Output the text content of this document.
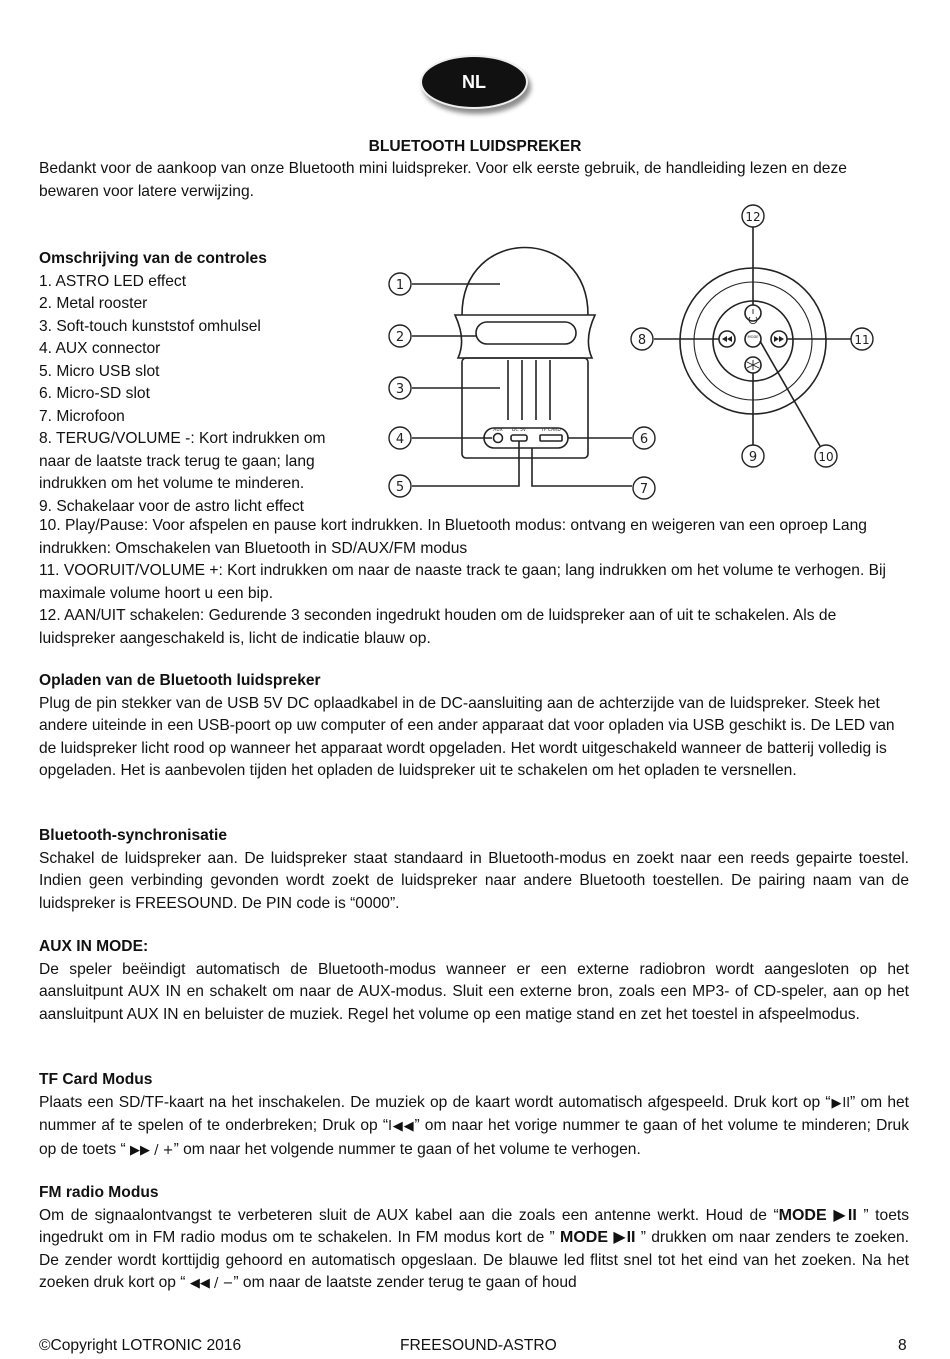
NL
BLUETOOTH LUIDSPREKER
Bedankt voor de aankoop van onze Bluetooth mini luidspreker. Voor elk eerste gebruik, de handleiding lezen en deze bewaren voor latere verwijzing.
Omschrijving van de controles
1. ASTRO LED effect
2. Metal rooster
3. Soft-touch kunststof omhulsel
4. AUX connector
5. Micro USB slot
6. Micro-SD slot
7. Microfoon
8. TERUG/VOLUME -: Kort indrukken om
naar de laatste track terug te gaan; lang
indrukken om het volume te minderen.
9. Schakelaar voor de astro licht effect
AUX DC 5V	TF CARD
MODE
1
2
3
4
5
6
7
8
9	10
11
12
10. Play/Pause: Voor afspelen en pause kort indrukken. In Bluetooth modus: ontvang en weigeren van een oproep Lang indrukken: Omschakelen van Bluetooth in SD/AUX/FM modus
11. VOORUIT/VOLUME +: Kort indrukken om naar de naaste track te gaan; lang indrukken om het volume te verhogen. Bij maximale volume hoort u een bip.
12. AAN/UIT schakelen: Gedurende 3 seconden ingedrukt houden om de luidspreker aan of uit te schakelen. Als de luidspreker aangeschakeld is, licht de indicatie blauw op.
Opladen van de Bluetooth luidspreker
Plug de pin stekker van de USB 5V DC oplaadkabel in de DC-aansluiting aan de achterzijde van de luidspreker. Steek het andere uiteinde in een USB-poort op uw computer of een ander apparaat dat voor opladen via USB geschikt is. De LED van de luidspreker licht rood op wanneer het apparaat wordt opgeladen. Het wordt uitgeschakeld wanneer de batterij volledig is opgeladen. Het is aanbevolen tijden het opladen de luidspreker uit te schakelen om het opladen te versnellen.
Bluetooth-synchronisatie
Schakel de luidspreker aan. De luidspreker staat standaard in Bluetooth-modus en zoekt naar een reeds gepairte toestel. Indien geen verbinding gevonden wordt zoekt de luidspreker naar andere Bluetooth toestellen. De pairing naam van de luidspreker is FREESOUND. De PIN code is “0000”.
AUX IN MODE:
De speler beëindigt automatisch de Bluetooth-modus wanneer er een externe radiobron wordt aangesloten op het aansluitpunt AUX IN en schakelt om naar de AUX-modus. Sluit een externe bron, zoals een MP3- of CD-speler, aan op het aansluitpunt AUX IN en beluister de muziek. Regel het volume op een matige stand en zet het toestel in afspeelmodus.
TF Card Modus
Plaats een SD/TF-kaart na het inschakelen. De muziek op de kaart wordt automatisch afgespeeld. Druk kort op “▶II” om het nummer af te spelen of te onderbreken; Druk op “I◀◀” om naar het vorige nummer te gaan of het volume te minderen; Druk op de toets “ ▶▶ / +” om naar het volgende nummer te gaan of het volume te verhogen.
FM radio Modus
Om de signaalontvangst te verbeteren sluit de AUX kabel aan die zoals een antenne werkt. Houd de “MODE ▶II ” toets ingedrukt om in FM radio modus om te schakelen. In FM modus kort de ” MODE ▶II ” drukken om naar zenders te zoeken. De zender wordt korttijdig gehoord en automatisch opgeslaan. De blauwe led flitst snel tot het eind van het zoeken. Na het zoeken druk kort op “ ◀◀ / −” om naar de laatste zender terug te gaan of houd
©Copyright LOTRONIC 2016	FREESOUND-ASTRO	8
